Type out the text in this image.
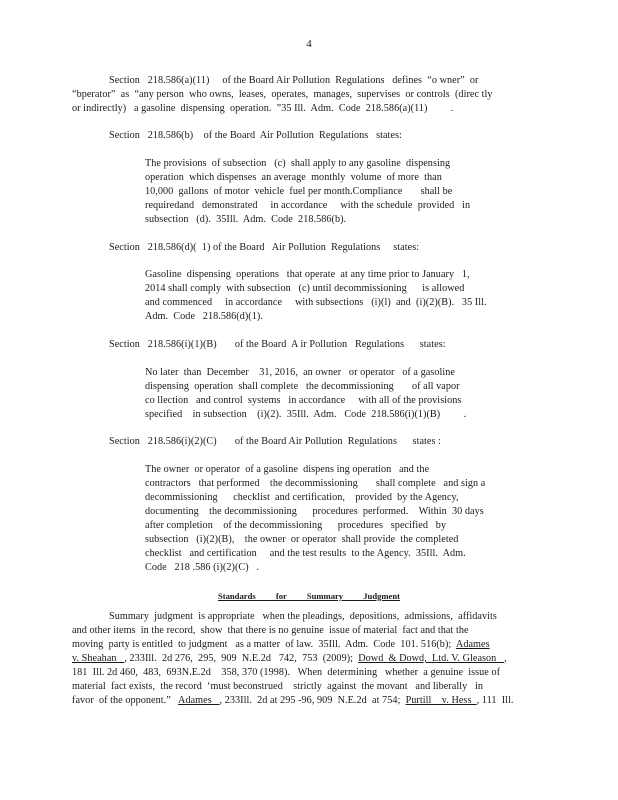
4
Section   218.586(a)(11)     of the Board Air Pollution  Regulations   defines  “o wner”  or
“bperator”  as  “any person  who owns,  leases,  operates,  manages,  supervises  or controls  (direc tly
or indirectly)   a gasoline  dispensing  operation.  ”35 Ill.  Adm.  Code  218.586(a)(11)         .
Section   218.586(b)    of the Board  Air Pollution  Regulations   states:
The provisions  of subsection   (c)  shall apply to any gasoline  dispensing
operation  which dispenses  an average  monthly  volume  of more  than
10,000  gallons  of motor  vehicle  fuel per month.Compliance       shall be
requiredand   demonstrated     in accordance     with the schedule  provided   in
subsection   (d).  35Ill.  Adm.  Code  218.586(b).
Section   218.586(d)(  1) of the Board   Air Pollution  Regulations     states:
Gasoline  dispensing  operations   that operate  at any time prior to January   1,
2014 shall comply  with subsection   (c) until decommissioning      is allowed
and commenced     in accordance     with subsections   (i)(l)  and  (i)(2)(B).   35 Ill.
Adm.  Code   218.586(d)(1).
Section   218.586(i)(1)(B)       of the Board  A ir Pollution   Regulations      states:
No later  than  December    31, 2016,  an owner   or operator   of a gasoline
dispensing  operation  shall complete   the decommissioning       of all vapor
co llection   and control  systems   in accordance     with all of the provisions
specified    in subsection    (i)(2).  35Ill.  Adm.   Code  218.586(i)(1)(B)         .
Section   218.586(i)(2)(C)       of the Board Air Pollution  Regulations      states :
The owner  or operator  of a gasoline  dispens ing operation   and the
contractors   that performed    the decommissioning       shall complete   and sign a
decommissioning      checklist  and certification,    provided  by the Agency,
documenting    the decommissioning      procedures  performed.    Within  30 days
after completion    of the decommissioning      procedures   specified   by
subsection   (i)(2)(B),    the owner  or operator  shall provide  the completed
checklist   and certification     and the test results  to the Agency.  35Ill.  Adm.
Code   218 .586 (i)(2)(C)   .
Standards for Summary Judgment
Summary  judgment  is appropriate   when the pleadings,  depositions,  admissions,  affidavits
and other items  in the record,  show  that there is no genuine  issue of material  fact and that the
moving  party is entitled  to judgment   as a matter  of law.  35Ill.  Adm.  Code  101. 516(b);  Adames
v. Sheahan   , 233Ill.  2d 276,  295,  909  N.E.2d   742,  753  (2009);  Dowd  & Dowd,  Ltd. V. Gleason   ,
181  Ill. 2d 460,  483,  693N.E.2d    358, 370 (1998).   When  determining   whether  a genuine  issue of
material  fact exists,  the record  ‘must beconstrued    strictly  against  the movant   and liberally   in
favor  of the opponent.”   Adames   , 233Ill.  2d at 295 -96, 909  N.E.2d  at 754;  Purtill    v. Hess  , 111  Ill.
